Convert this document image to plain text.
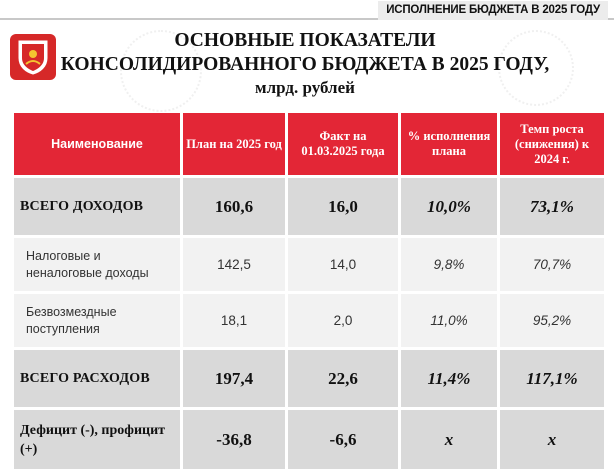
ИСПОЛНЕНИЕ БЮДЖЕТА В 2025 ГОДУ
ОСНОВНЫЕ ПОКАЗАТЕЛИ
КОНСОЛИДИРОВАННОГО БЮДЖЕТА В 2025 ГОДУ,
млрд. рублей
Наименование	План на 2025 год	Факт на 01.03.2025 года	% исполнения плана	Темп роста (снижения) к 2024 г.
ВСЕГО ДОХОДОВ	160,6	16,0	10,0%	73,1%
Налоговые и неналоговые доходы	142,5	14,0	9,8%	70,7%
Безвозмездные поступления	18,1	2,0	11,0%	95,2%
ВСЕГО РАСХОДОВ	197,4	22,6	11,4%	117,1%
Дефицит (-), профицит (+)	-36,8	-6,6	x	x
